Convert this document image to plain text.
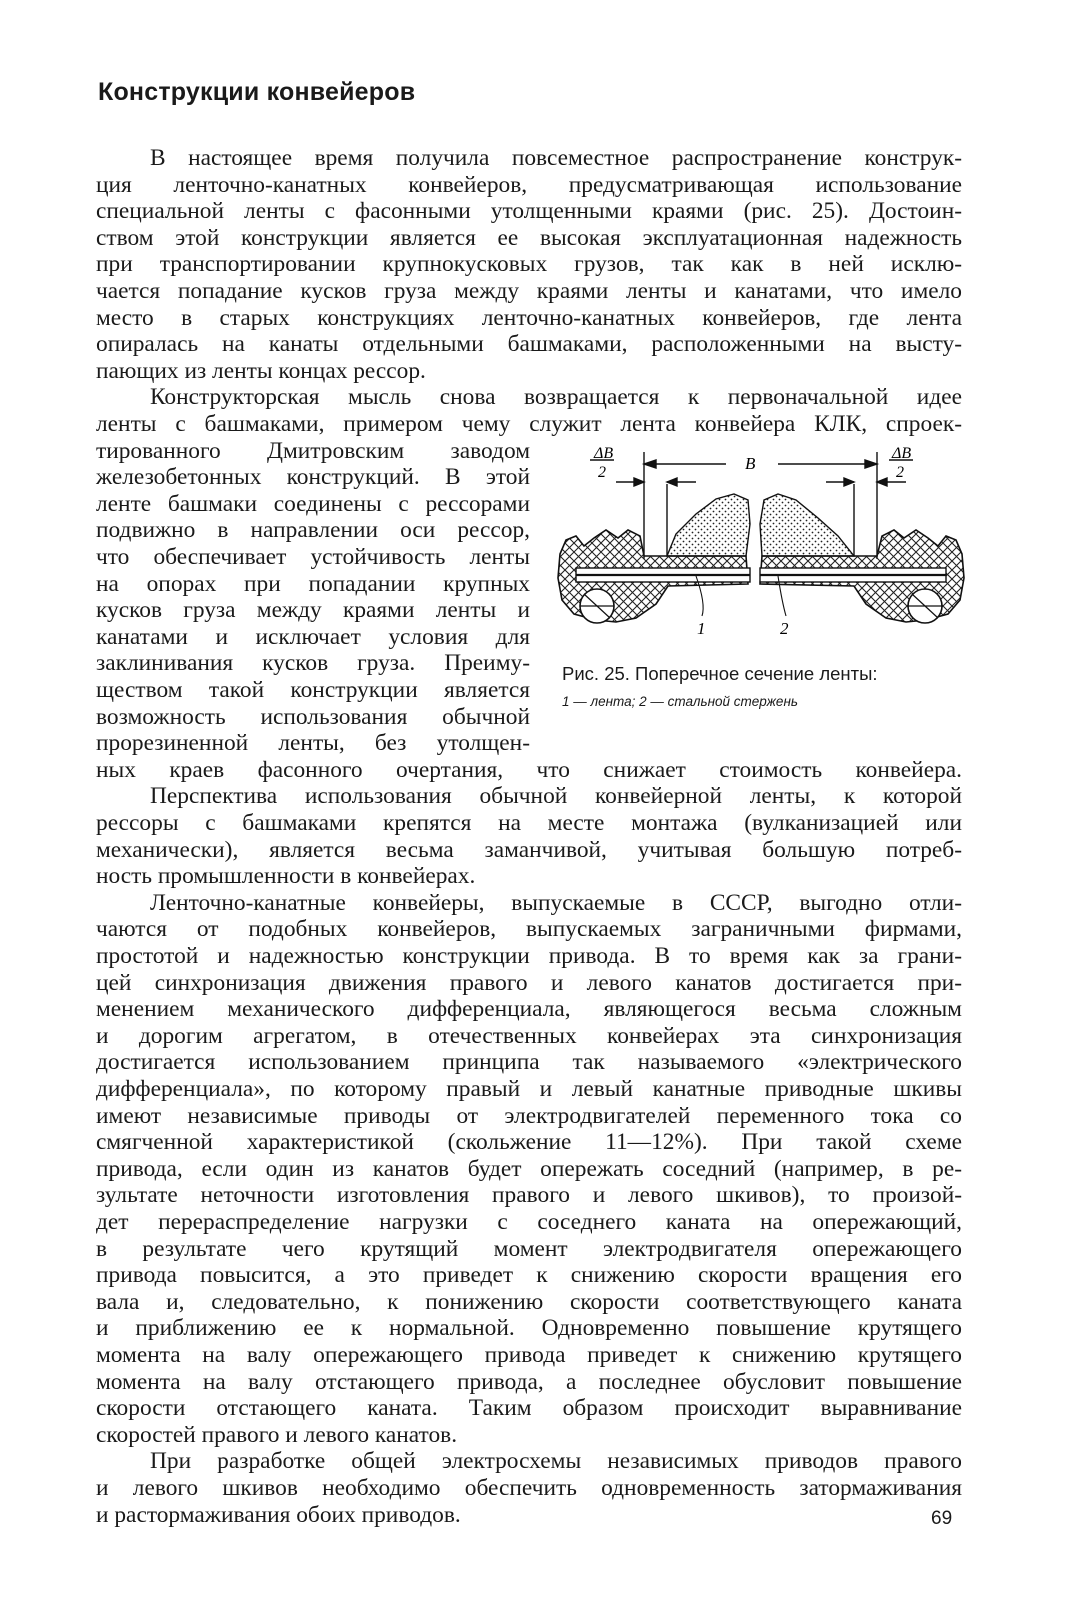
Конструкции конвейеров
В настоящее время получила повсеместное распространение конструк-
ция ленточно-канатных конвейеров, предусматривающая использование
специальной ленты с фасонными утолщенными краями (рис. 25). Достоин-
ством этой конструкции является ее высокая эксплуатационная надежность
при транспортировании крупнокусковых грузов, так как в ней исклю-
чается попадание кусков груза между краями ленты и канатами, что имело
место в старых конструкциях ленточно-канатных конвейеров, где лента
опиралась на канаты отдельными башмаками, расположенными на высту-
пающих из ленты концах рессор.
Конструкторская мысль снова возвращается к первоначальной идее
ленты с башмаками, примером чему служит лента конвейера КЛК, спроек-
тированного Дмитровским заводом
железобетонных конструкций. В этой
ленте башмаки соединены с рессорами
подвижно в направлении оси рессор,
что обеспечивает устойчивость ленты
на опорах при попадании крупных
кусков груза между краями ленты и
канатами и исключает условия для
заклинивания кусков груза. Преиму-
ществом такой конструкции является
возможность использования обычной
прорезиненной ленты, без утолщен-
ных краев фасонного очертания, что снижает стоимость конвейера.
Перспектива использования обычной конвейерной ленты, к которой
рессоры с башмаками крепятся на месте монтажа (вулканизацией или
механически), является весьма заманчивой, учитывая большую потреб-
ность промышленности в конвейерах.
Ленточно-канатные конвейеры, выпускаемые в СССР, выгодно отли-
чаются от подобных конвейеров, выпускаемых заграничными фирмами,
простотой и надежностью конструкции привода. В то время как за грани-
цей синхронизация движения правого и левого канатов достигается при-
менением механического дифференциала, являющегося весьма сложным
и дорогим агрегатом, в отечественных конвейерах эта синхронизация
достигается использованием принципа так называемого «электрического
дифференциала», по которому правый и левый канатные приводные шкивы
имеют независимые приводы от электродвигателей переменного тока со
смягченной характеристикой (скольжение 11—12%). При такой схеме
привода, если один из канатов будет опережать соседний (например, в ре-
зультате неточности изготовления правого и левого шкивов), то произой-
дет перераспределение нагрузки с соседнего каната на опережающий,
в результате чего крутящий момент электродвигателя опережающего
привода повысится, а это приведет к снижению скорости вращения его
вала и, следовательно, к понижению скорости соответствующего каната
и приближению ее к нормальной. Одновременно повышение крутящего
момента на валу опережающего привода приведет к снижению крутящего
момента на валу отстающего привода, а последнее обусловит повышение
скорости отстающего каната. Таким образом происходит выравнивание
скоростей правого и левого канатов.
При разработке общей электросхемы независимых приводов правого
и левого шкивов необходимо обеспечить одновременность затормаживания
и растормаживания обоих приводов.
ΔB
2	B
ΔB
2
1	2
Рис. 25. Поперечное сечение ленты:
1 — лента; 2 — стальной стержень
69
